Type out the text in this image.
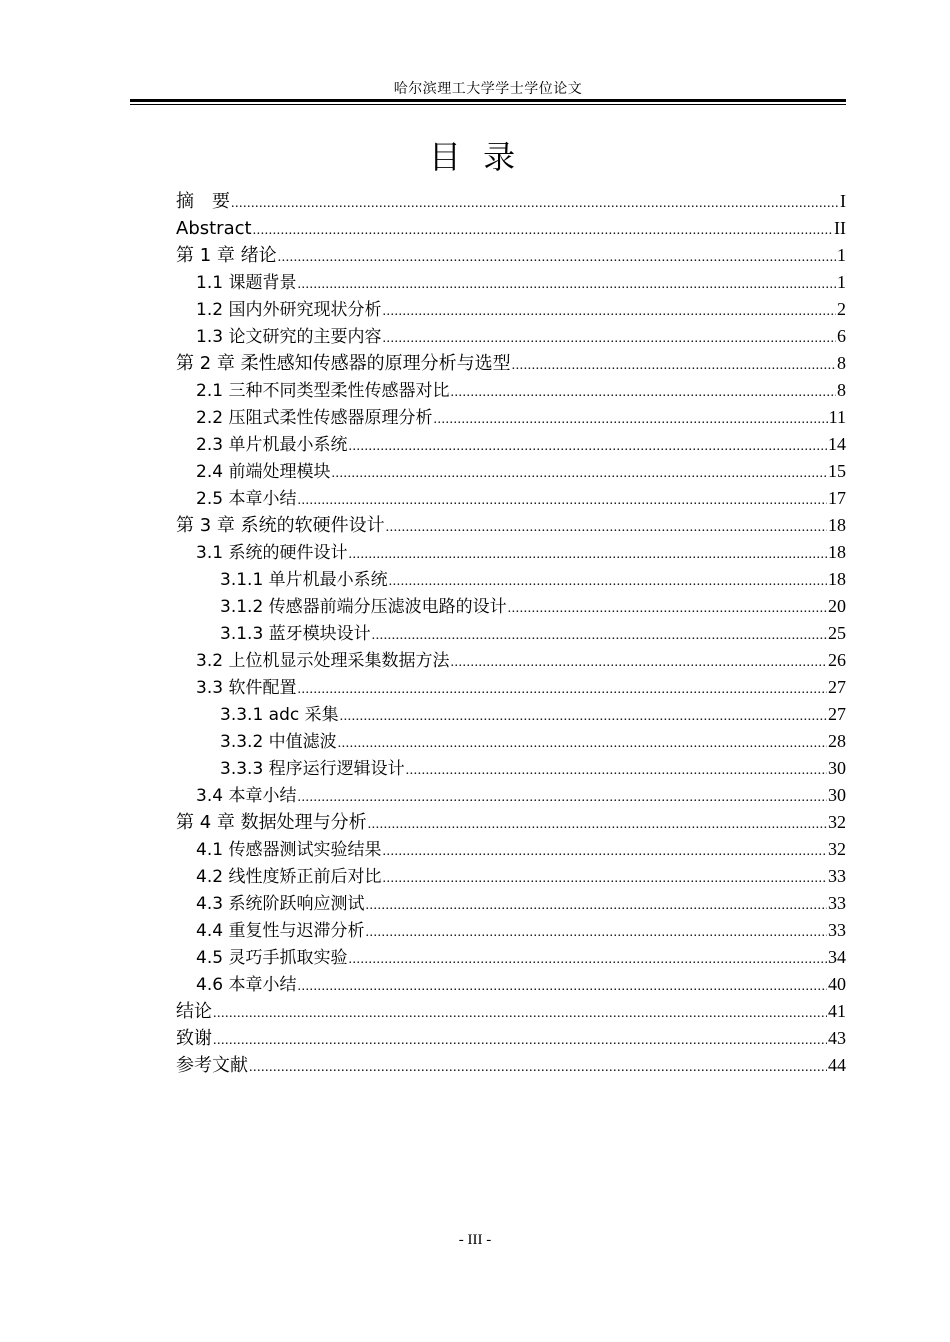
哈尔滨理工大学学士学位论文
目 录
摘　要 .....	I
Abstract .....	II
第 1 章 绪论 .....	1
1.1 课题背景 .....	1
1.2 国内外研究现状分析 .....	2
1.3 论文研究的主要内容 .....	6
第 2 章 柔性感知传感器的原理分析与选型 .....	8
2.1 三种不同类型柔性传感器对比 .....	8
2.2 压阻式柔性传感器原理分析 .....	11
2.3 单片机最小系统 .....	14
2.4 前端处理模块 .....	15
2.5 本章小结 .....	17
第 3 章 系统的软硬件设计 .....	18
3.1 系统的硬件设计 .....	18
3.1.1 单片机最小系统 .....	18
3.1.2 传感器前端分压滤波电路的设计 .....	20
3.1.3 蓝牙模块设计 .....	25
3.2 上位机显示处理采集数据方法 .....	26
3.3 软件配置 .....	27
3.3.1 adc 采集 .....	27
3.3.2 中值滤波 .....	28
3.3.3 程序运行逻辑设计 .....	30
3.4 本章小结 .....	30
第 4 章 数据处理与分析 .....	32
4.1 传感器测试实验结果 .....	32
4.2 线性度矫正前后对比 .....	33
4.3 系统阶跃响应测试 .....	33
4.4 重复性与迟滞分析 .....	33
4.5 灵巧手抓取实验 .....	34
4.6 本章小结 .....	40
结论 .....	41
致谢 .....	43
参考文献 .....	44
- III -
